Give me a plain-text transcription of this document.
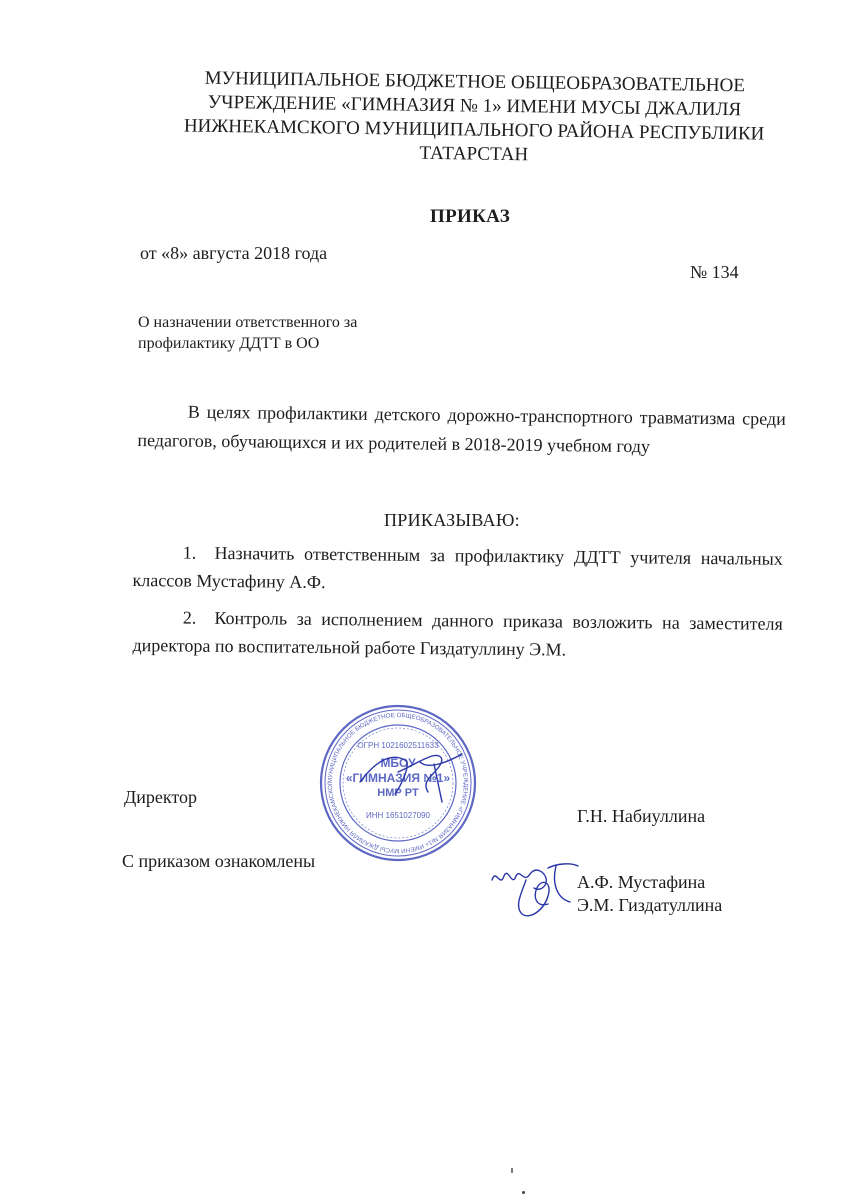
МУНИЦИПАЛЬНОЕ БЮДЖЕТНОЕ ОБЩЕОБРАЗОВАТЕЛЬНОЕ
УЧРЕЖДЕНИЕ «ГИМНАЗИЯ № 1» ИМЕНИ МУСЫ ДЖАЛИЛЯ
НИЖНЕКАМСКОГО МУНИЦИПАЛЬНОГО РАЙОНА РЕСПУБЛИКИ
ТАТАРСТАН
ПРИКАЗ
от «8» августа 2018 года
№ 134
О назначении ответственного за
профилактику ДДТТ в ОО
В целях профилактики детского дорожно-транспортного травматизма среди педагогов, обучающихся и их родителей в 2018-2019 учебном году
ПРИКАЗЫВАЮ:
1. Назначить ответственным за профилактику ДДТТ учителя начальных классов Мустафину А.Ф.
2. Контроль за исполнением данного приказа возложить на заместителя директора по воспитательной работе Гиздатуллину Э.М.
Директор
Г.Н. Набиуллина
С приказом ознакомлены
А.Ф. Мустафина
Э.М. Гиздатуллина
МУНИЦИПАЛЬНОЕ БЮДЖЕТНОЕ ОБЩЕОБРАЗОВАТЕЛЬНОЕ УЧРЕЖДЕНИЕ «ГИМНАЗИЯ №1» ИМЕНИ МУСЫ ДЖАЛИЛЯ НИЖНЕКАМСКОГ
ОГРН 1021602511633
МБОУ
«ГИМНАЗИЯ №1»
НМР РТ
ИНН 1651027090
